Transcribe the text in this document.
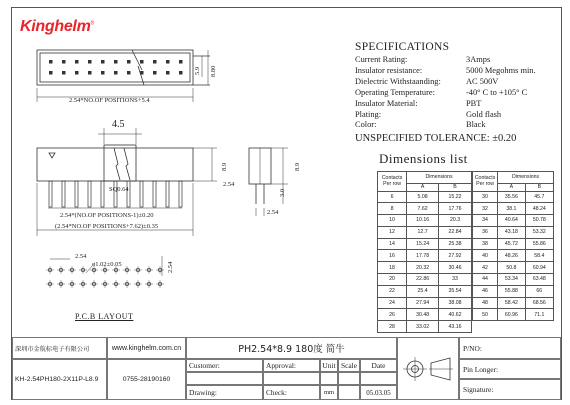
Kinghelm®
2.54*NO.OF POSITIONS+5.4
5.9 8.80
4.5
8.9
2.54
SQ0.64
2.54*(NO.OF POSITIONS-1)±0.20
(2.54*NO.OF POSITIONS+7.62)±0.35
8.9
3.0
2.54
2.54
ø1.02±0.05	2.54
P.C.B LAYOUT
SPECIFICATIONS
Current Rating:	3Amps
Insulator resistance:	5000 Megohms min.
Dielectric Withstaanding:	AC 500V
Operating Temperature:	-40° C to +105° C
Insulator Material:	PBT
Plating:	Gold flash
Color:	Black
UNSPECIFIED TOLERANCE: ±0.20
Dimensions list
Contacts
Per row	Dimensions	
	A	B
6	5.08	15.22
8	7.62	17.76
10	10.16	20.3
12	12.7	22.84
14	15.24	25.38
16	17.78	27.92
18	20.32	30.46
20	22.86	33
22	25.4	35.54
24	27.94	38.08
26	30.48	40.62
28	33.02	43.16
Contacts
Per row	Dimensions	
	A	B
30	35.56	45.7
32	38.1	48.24
34	40.64	50.78
36	43.18	53.32
38	45.72	55.86
40	48.26	58.4
42	50.8	60.94
44	53.34	63.48
46	55.88	66
48	58.42	68.56
50	60.96	71.1
深圳市金航标电子有限公司	www.kinghelm.com.cn	PH2.54*8.9 180度 简牛
KH-2.54PH180-2X11P-L8.9	0755-28190160
Customer:	Approval:	Unit Scale	Date
Drawing:	Check:	mm	05.03.05
P/NO:
Pin Longer:
Signature:
